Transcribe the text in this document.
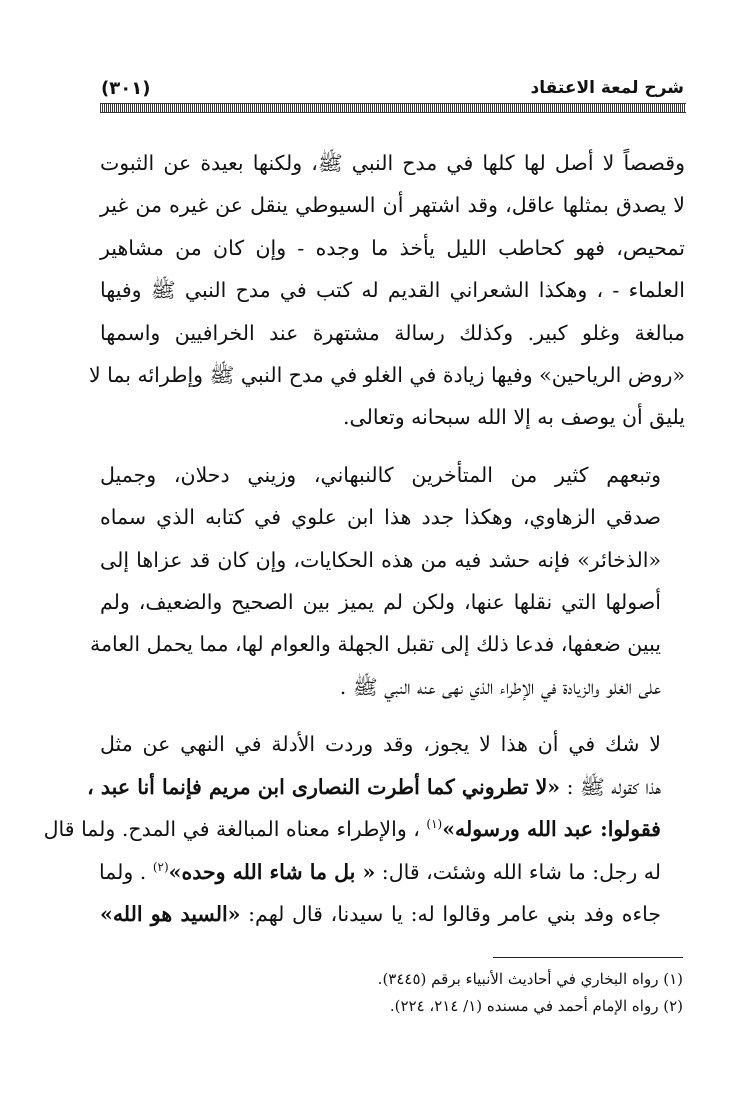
شرح لمعة الاعتقاد
(٣٠١)
وقصصاً لا أصل لها كلها في مدح النبي ﷺ، ولكنها بعيدة عن الثبوت
لا يصدق بمثلها عاقل، وقد اشتهر أن السيوطي ينقل عن غيره من غير
تمحيص، فهو كحاطب الليل يأخذ ما وجده - وإن كان من مشاهير
العلماء - ، وهكذا الشعراني القديم له كتب في مدح النبي ﷺ وفيها
مبالغة وغلو كبير. وكذلك رسالة مشتهرة عند الخرافيين واسمها
«روض الرياحين» وفيها زيادة في الغلو في مدح النبي ﷺ وإطرائه بما لا
يليق أن يوصف به إلا الله سبحانه وتعالى.
وتبعهم كثير من المتأخرين كالنبهاني، وزيني دحلان، وجميل
صدقي الزهاوي، وهكذا جدد هذا ابن علوي في كتابه الذي سماه
«الذخائر» فإنه حشد فيه من هذه الحكايات، وإن كان قد عزاها إلى
أصولها التي نقلها عنها، ولكن لم يميز بين الصحيح والضعيف، ولم
يبين ضعفها، فدعا ذلك إلى تقبل الجهلة والعوام لها، مما يحمل العامة
على الغلو والزيادة في الإطراء الذي نهى عنه النبي ﷺ .
لا شك في أن هذا لا يجوز، وقد وردت الأدلة في النهي عن مثل
هذا كقوله ﷺ : «لا تطروني كما أطرت النصارى ابن مريم فإنما أنا عبد ،
فقولوا: عبد الله ورسوله»$^{(١)}$ ، والإطراء معناه المبالغة في المدح. ولما قال
له رجل: ما شاء الله وشئت، قال: « بل ما شاء الله وحده»$^{(٢)}$ . ولما
جاءه وفد بني عامر وقالوا له: يا سيدنا، قال لهم: «السيد هو الله»
(١) رواه البخاري في أحاديث الأنبياء برقم (٣٤٤٥).
(٢) رواه الإمام أحمد في مسنده (١/ ٢١٤، ٢٢٤).
